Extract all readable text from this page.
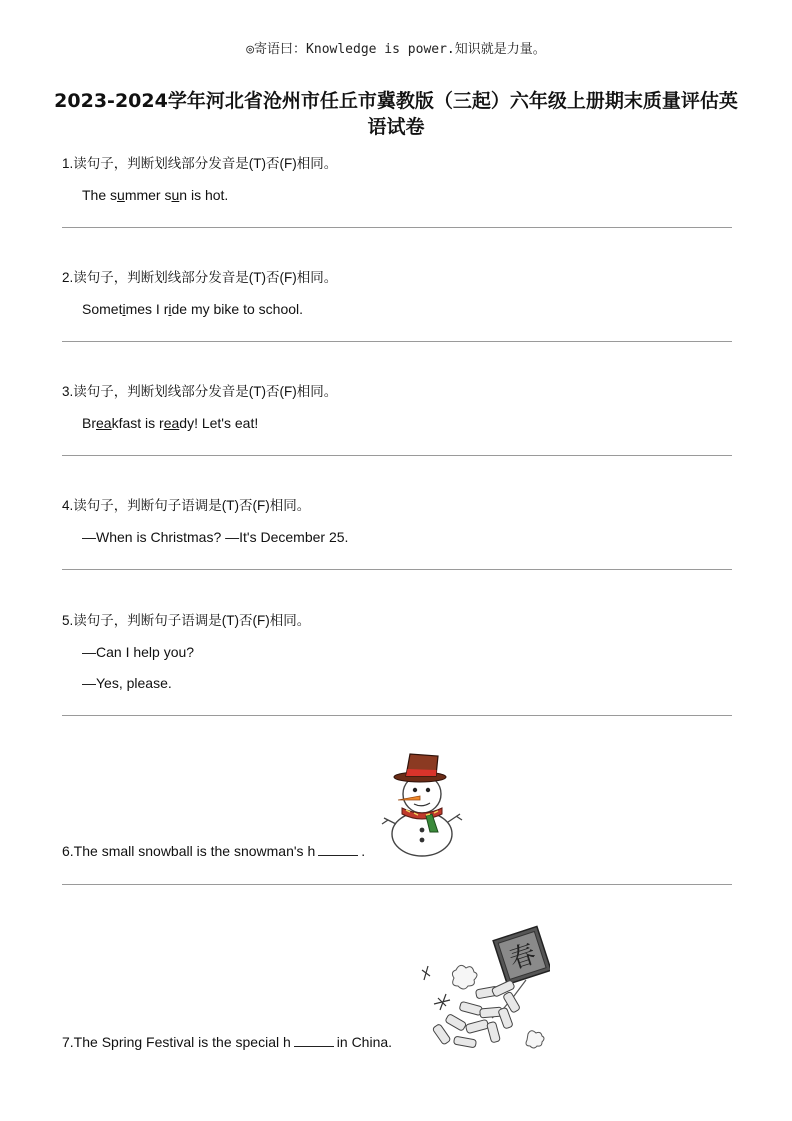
◎寄语曰：Knowledge is power.知识就是力量。
2023-2024学年河北省沧州市任丘市冀教版（三起）六年级上册期末质量评估英
语试卷
1.读句子，判断划线部分发音是(T)否(F)相同。
The summer sun is hot.
2.读句子，判断划线部分发音是(T)否(F)相同。
Sometimes I ride my bike to school.
3.读句子，判断划线部分发音是(T)否(F)相同。
Breakfast is ready! Let's eat!
4.读句子，判断句子语调是(T)否(F)相同。
—When is Christmas? —It's December 25.
5.读句子，判断句子语调是(T)否(F)相同。
—Can I help you?
—Yes, please.
6.The small snowball is the snowman's h	.
7.The Spring Festival is the special h	in China.
春
